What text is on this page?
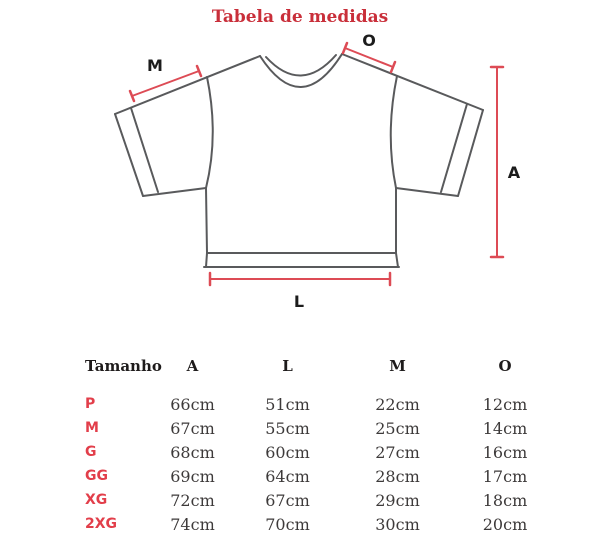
Tabela de medidas
M
O
A
L
Tamanho	A	L	M	O
P	66cm	51cm	22cm	12cm
M	67cm	55cm	25cm	14cm
G	68cm	60cm	27cm	16cm
GG	69cm	64cm	28cm	17cm
XG	72cm	67cm	29cm	18cm
2XG	74cm	70cm	30cm	20cm
